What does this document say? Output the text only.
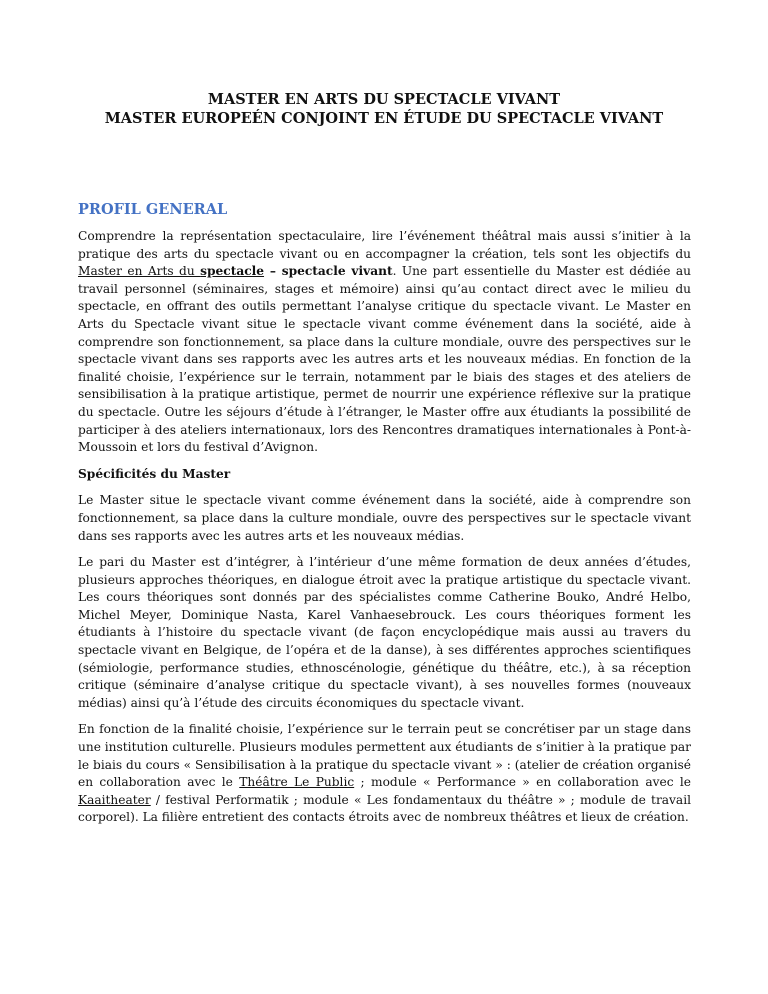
MASTER EN ARTS DU SPECTACLE VIVANT
MASTER EUROPEÉN CONJOINT EN ÉTUDE DU SPECTACLE VIVANT
PROFIL GENERAL

Comprendre la représentation spectaculaire, lire l’événement théâtral mais aussi s’initier à la pratique des arts du spectacle vivant ou en accompagner la création, tels sont les objectifs du Master en Arts du spectacle – spectacle vivant. Une part essentielle du Master est dédiée au travail personnel (séminaires, stages et mémoire) ainsi qu’au contact direct avec le milieu du spectacle, en offrant des outils permettant l’analyse critique du spectacle vivant. Le Master en Arts du Spectacle vivant situe le spectacle vivant comme événement dans la société, aide à comprendre son fonctionnement, sa place dans la culture mondiale, ouvre des perspectives sur le spectacle vivant dans ses rapports avec les autres arts et les nouveaux médias. En fonction de la finalité choisie, l’expérience sur le terrain, notamment par le biais des stages et des ateliers de sensibilisation à la pratique artistique, permet de nourrir une expérience réflexive sur la pratique du spectacle. Outre les séjours d’étude à l’étranger, le Master offre aux étudiants la possibilité de participer à des ateliers internationaux, lors des Rencontres dramatiques internationales à Pont-à-Moussoin et lors du festival d’Avignon.

Spécificités du Master

Le Master situe le spectacle vivant comme événement dans la société, aide à comprendre son fonctionnement, sa place dans la culture mondiale, ouvre des perspectives sur le spectacle vivant dans ses rapports avec les autres arts et les nouveaux médias.

Le pari du Master est d’intégrer, à l’intérieur d’une même formation de deux années d’études, plusieurs approches théoriques, en dialogue étroit avec la pratique artistique du spectacle vivant. Les cours théoriques sont donnés par des spécialistes comme Catherine Bouko, André Helbo, Michel Meyer, Dominique Nasta, Karel Vanhaesebrouck. Les cours théoriques forment les étudiants à l’histoire du spectacle vivant (de façon encyclopédique mais aussi au travers du spectacle vivant en Belgique, de l’opéra et de la danse), à ses différentes approches scientifiques (sémiologie, performance studies, ethnoscénologie, génétique du théâtre, etc.), à sa réception critique (séminaire d’analyse critique du spectacle vivant), à ses nouvelles formes (nouveaux médias) ainsi qu’à l’étude des circuits économiques du spectacle vivant.

En fonction de la finalité choisie, l’expérience sur le terrain peut se concrétiser par un stage dans une institution culturelle. Plusieurs modules permettent aux étudiants de s’initier à la pratique par le biais du cours « Sensibilisation à la pratique du spectacle vivant » : (atelier de création organisé en collaboration avec le Théâtre Le Public ; module « Performance » en collaboration avec le Kaaitheater / festival Performatik ; module « Les fondamentaux du théâtre » ; module de travail corporel). La filière entretient des contacts étroits avec de nombreux théâtres et lieux de création.
